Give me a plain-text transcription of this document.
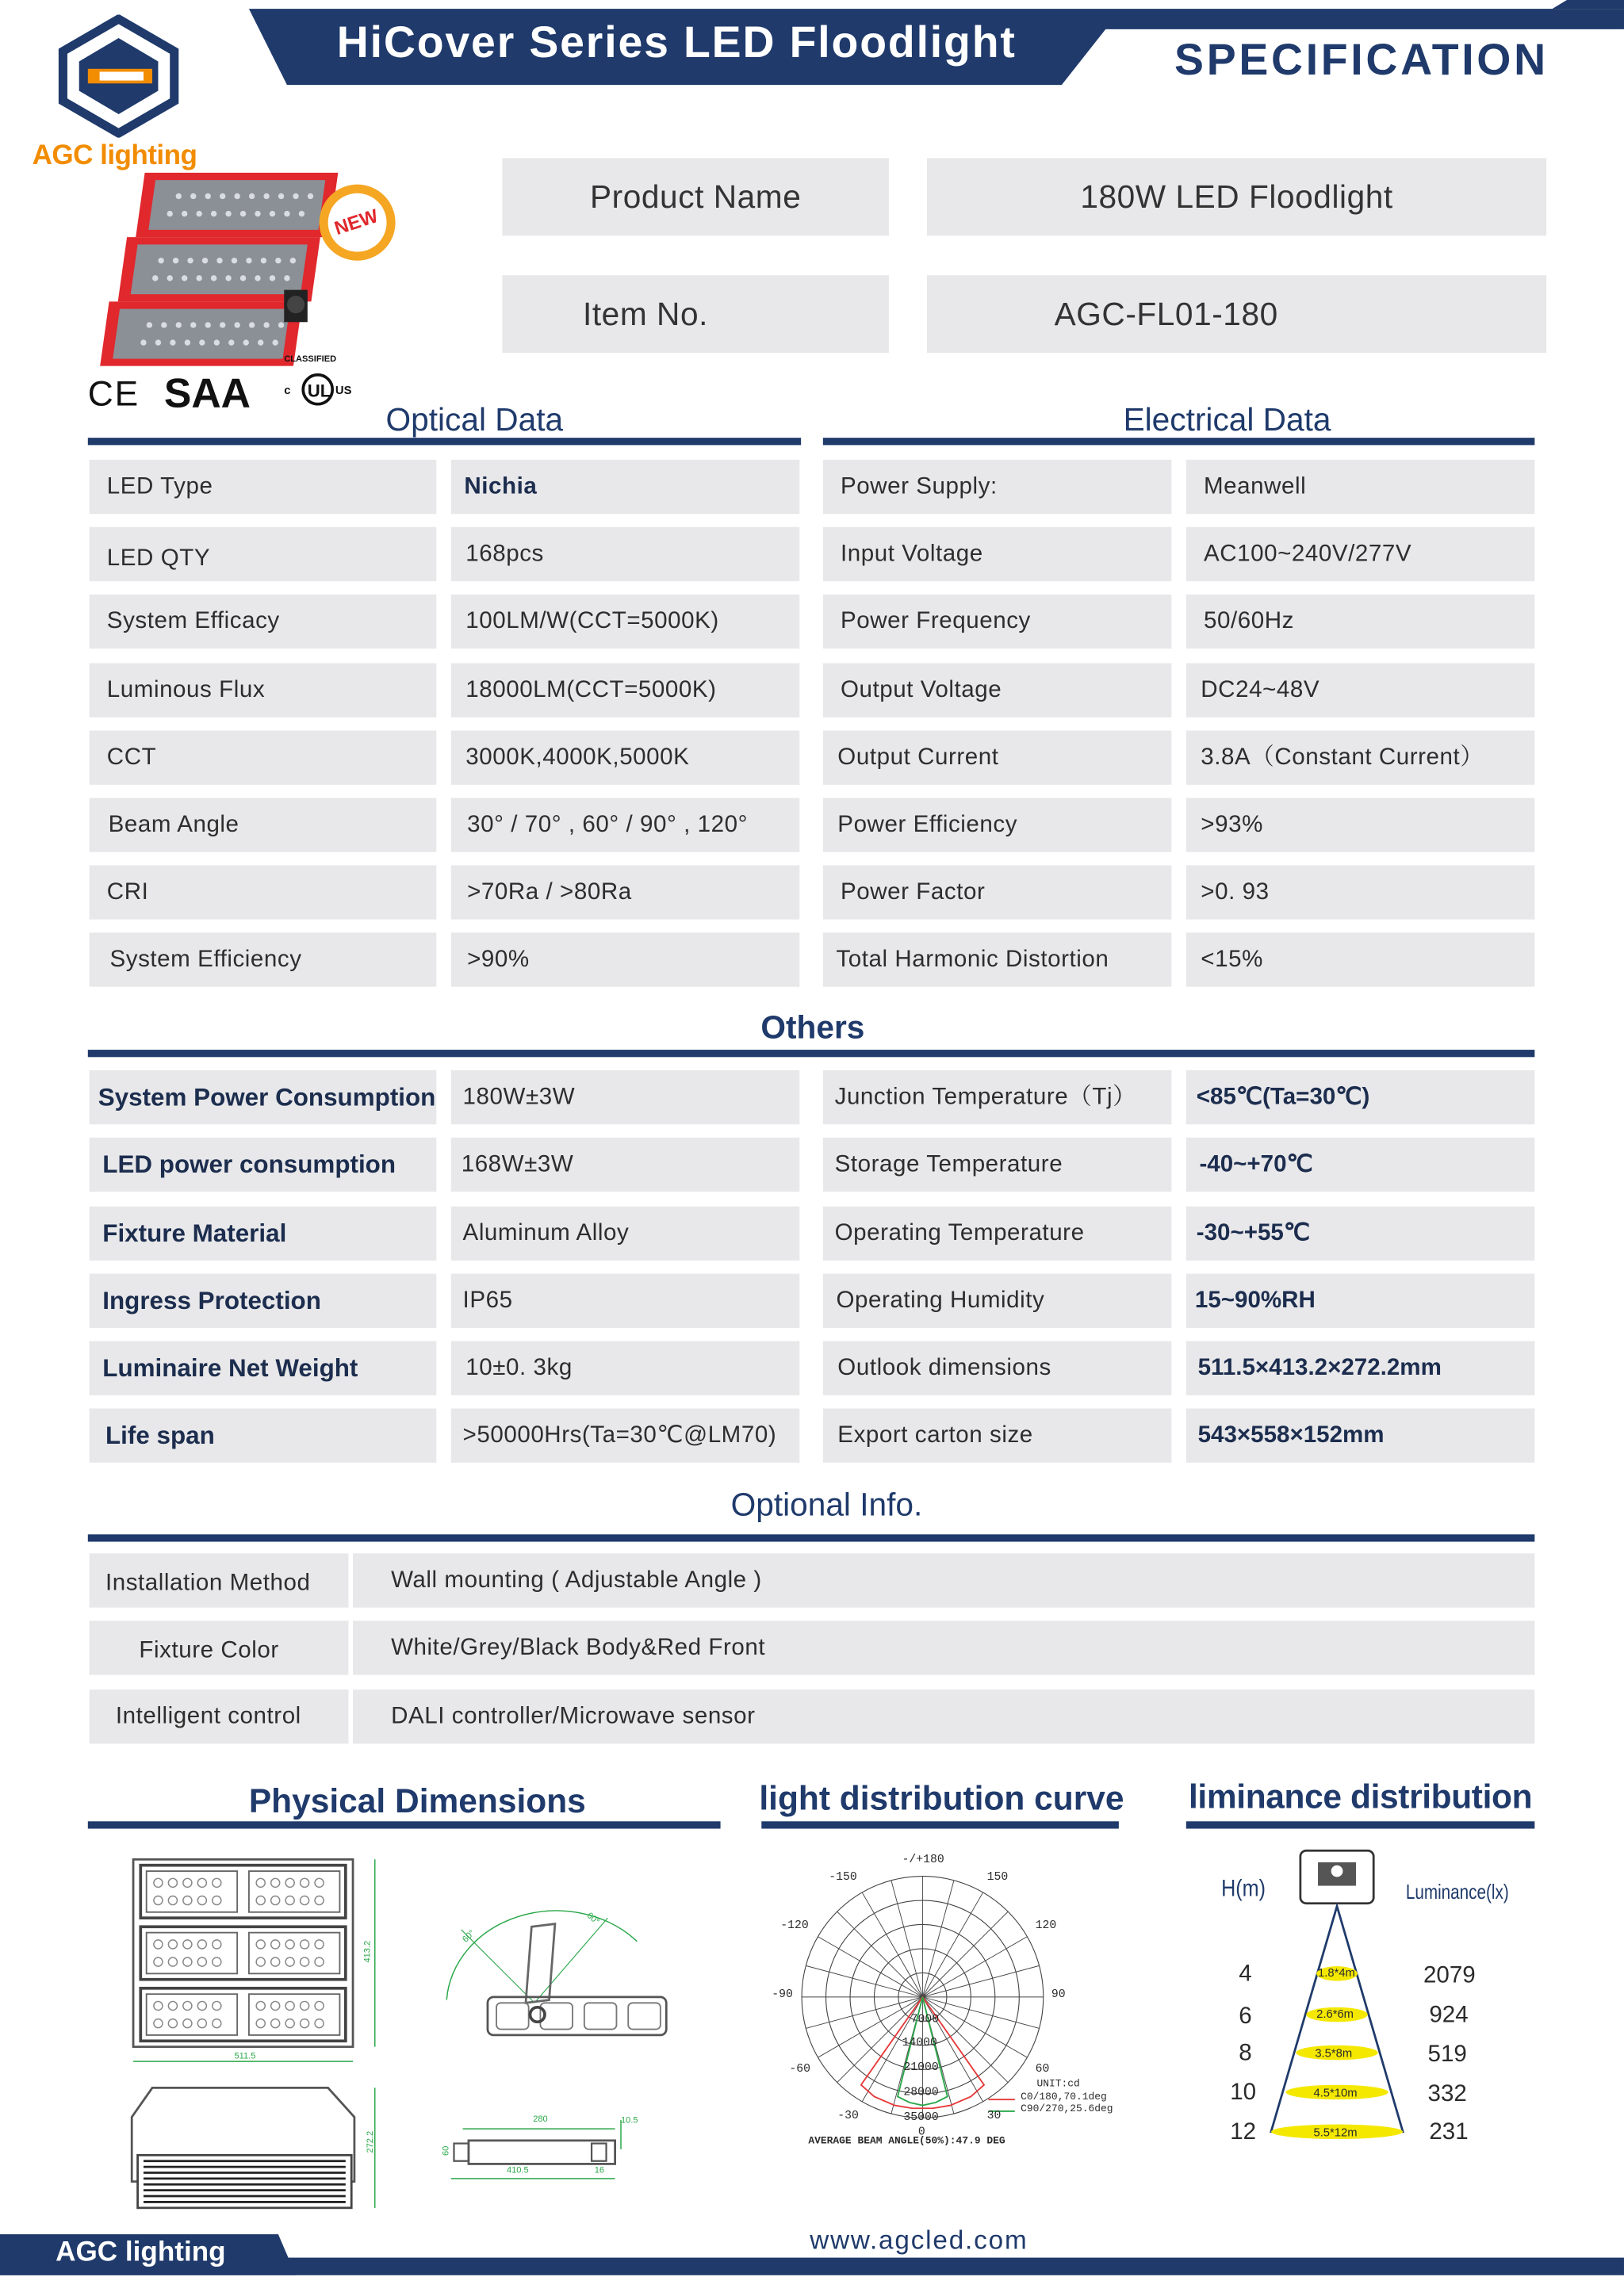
HiCover Series LED Floodlight	SPECIFICATION
AGC lighting
NEW
CE SAA
CLASSIFIED
c UL US
Product Name	180W LED Floodlight
Item No.	AGC-FL01-180
Optical Data	Electrical Data
LED Type	Nichia
LED QTY	168pcs
System Efficacy	100LM/W(CCT=5000K)
Luminous Flux	18000LM(CCT=5000K)
CCT	3000K,4000K,5000K
Beam Angle	30° / 70° , 60° / 90° , 120°
CRI	>70Ra / >80Ra
System Efficiency	>90%
Power Supply:	Meanwell
Input Voltage	AC100~240V/277V
Power Frequency	50/60Hz
Output Voltage	DC24~48V
Output Current	3.8A（Constant Current）
Power Efficiency	>93%
Power Factor	>0. 93
Total Harmonic Distortion	<15%
Others
System Power Consumption	180W±3W
LED power consumption	168W±3W
Fixture Material	Aluminum Alloy
Ingress Protection	IP65
Luminaire Net Weight	10±0. 3kg
Life span	>50000Hrs(Ta=30℃@LM70)
Junction Temperature（Tj）	<85℃(Ta=30℃)
Storage Temperature	-40~+70℃
Operating Temperature	-30~+55℃
Operating Humidity	15~90%RH
Outlook dimensions	511.5×413.2×272.2mm
Export carton size	543×558×152mm
Optional Info.
Installation Method	Wall mounting ( Adjustable Angle )
Fixture Color	White/Grey/Black Body&Red Front
Intelligent control	DALI controller/Microwave sensor
Physical Dimensions	light distribution curve	liminance distribution
511.5
413.2
60°
60°
272.2
280	10.5
410.5	16
60
-/+180
-150	150
-120	120
-90	90
-60	60
-30	30
0
7000
14000
21000
28000
35000
UNIT:cd
C0/180,70.1deg
C90/270,25.6deg
AVERAGE BEAM ANGLE(50%):47.9 DEG
H(m)	Luminance(lx)
4	1.8*4m	2079
6	2.6*6m	924
8	3.5*8m	519
10	4.5*10m	332
12	5.5*12m	231
AGC lighting	www.agcled.com
